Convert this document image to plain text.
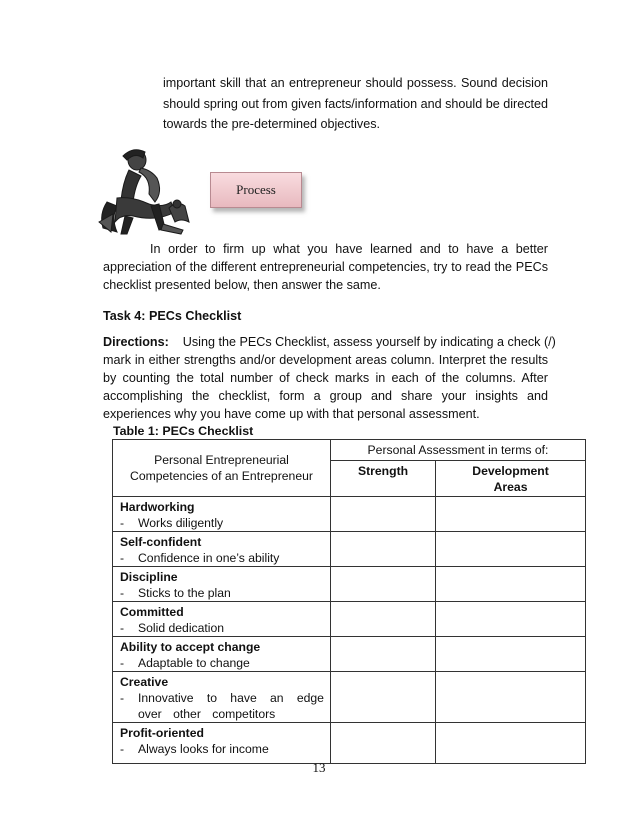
important skill that an entrepreneur should possess. Sound decision
should spring out from given facts/information and should be directed
towards the pre-determined objectives.
Process
In order to firm up what you have learned and to have a better
appreciation of the different entrepreneurial competencies, try to read the PECs
checklist presented below, then answer the same.
Task 4: PECs Checklist
Directions: Using the PECs Checklist, assess yourself by indicating a check (/)
mark in either strengths and/or development areas column. Interpret the results
by counting the total number of check marks in each of the columns. After
accomplishing the checklist, form a group and share your insights and
experiences why you have come up with that personal assessment.
Table 1: PECs Checklist
Personal Entrepreneurial Competencies of an Entrepreneur	Personal Assessment in terms of:	
	Strength	Development Areas

Hardworking
- Works diligently		

Self-confident
- Confidence in one’s ability		

Discipline
- Sticks to the plan		

Committed
- Solid dedication		

Ability to accept change
- Adaptable to change		

Creative
- Innovative to have an edge over other competitors		

Profit-oriented
- Always looks for income		

13
